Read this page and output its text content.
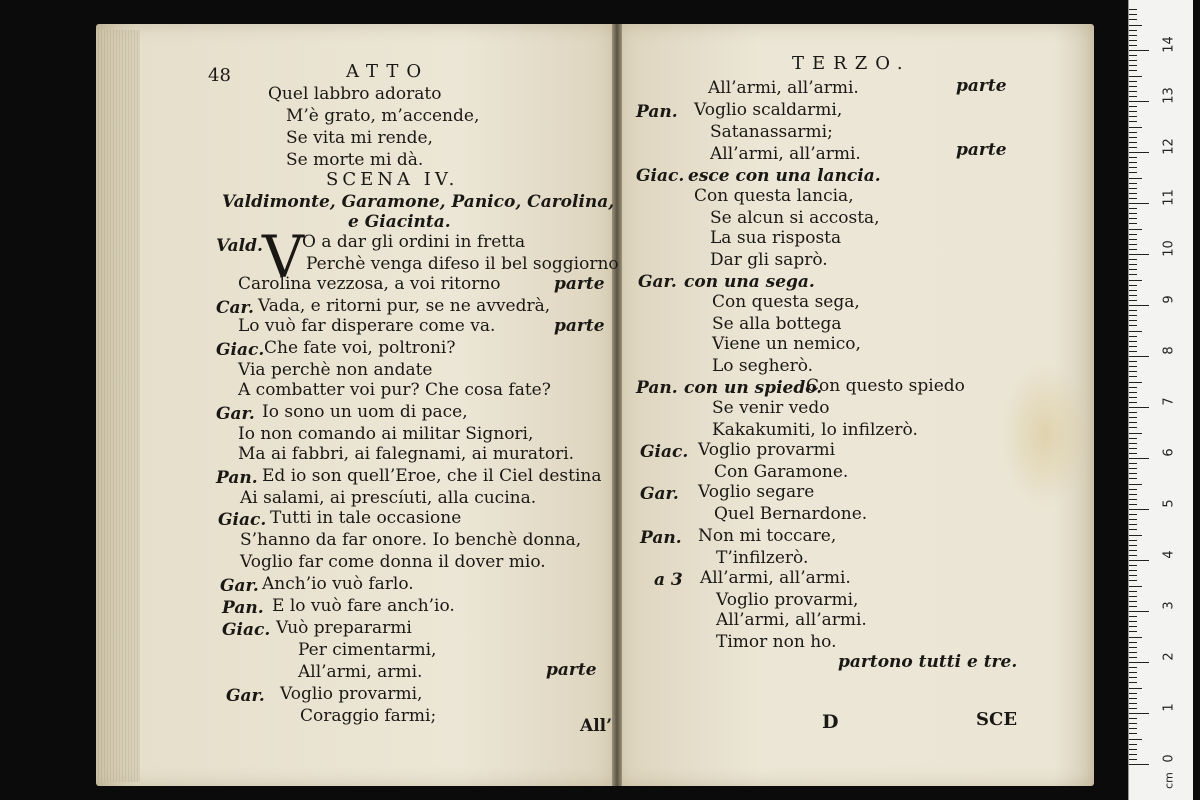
48	ATTO
Quel labbro adorato
M’è grato, m’accende,
Se vita mi rende,
Se morte mi dà.
SCENA IV.
Valdimonte, Garamone, Panico, Carolina,
e Giacinta.
Vald. V
O a dar gli ordini in fretta
Perchè venga difeso il bel soggiorno
Carolina vezzosa, a voi ritorno	parte
Car. Vada, e ritorni pur, se ne avvedrà,
Lo vuò far disperare come va.	parte
Giac. Che fate voi, poltroni?
Via perchè non andate
A combatter voi pur? Che cosa fate?
Gar. Io sono un uom di pace,
Io non comando ai militar Signori,
Ma ai fabbri, ai falegnami, ai muratori.
Pan. Ed io son quell’Eroe, che il Ciel destina
Ai salami, ai prescíuti, alla cucina.
Giac. Tutti in tale occasione
S’hanno da far onore. Io benchè donna,
Voglio far come donna il dover mio.
Gar. Anch’io vuò farlo.
Pan. E lo vuò fare anch’io.
Giac. Vuò prepararmi
Per cimentarmi,
All’armi, armi.	parte
Gar. Voglio provarmi,
Coraggio farmi;	All’
TERZO.
All’armi, all’armi.	parte
Pan. Voglio scaldarmi,
Satanassarmi;
All’armi, all’armi.	parte
Giac. esce con una lancia.
Con questa lancia,
Se alcun si accosta,
La sua risposta
Dar gli saprò.
Gar. con una sega.
Con questa sega,
Se alla bottega
Viene un nemico,
Lo segherò.
Pan. con un spiedo.
Con questo spiedo
Se venir vedo
Kakakumiti, lo infilzerò.
Giac. Voglio provarmi
Con Garamone.
Gar. Voglio segare
Quel Bernardone.
Pan. Non mi toccare,
T’infilzerò.
a 3 All’armi, all’armi.
Voglio provarmi,
All’armi, all’armi.
Timor non ho.
partono tutti e tre.
D	SCE
14
13
12
11
10
9
8
7
6
5
4
3
2
1
0
cm
